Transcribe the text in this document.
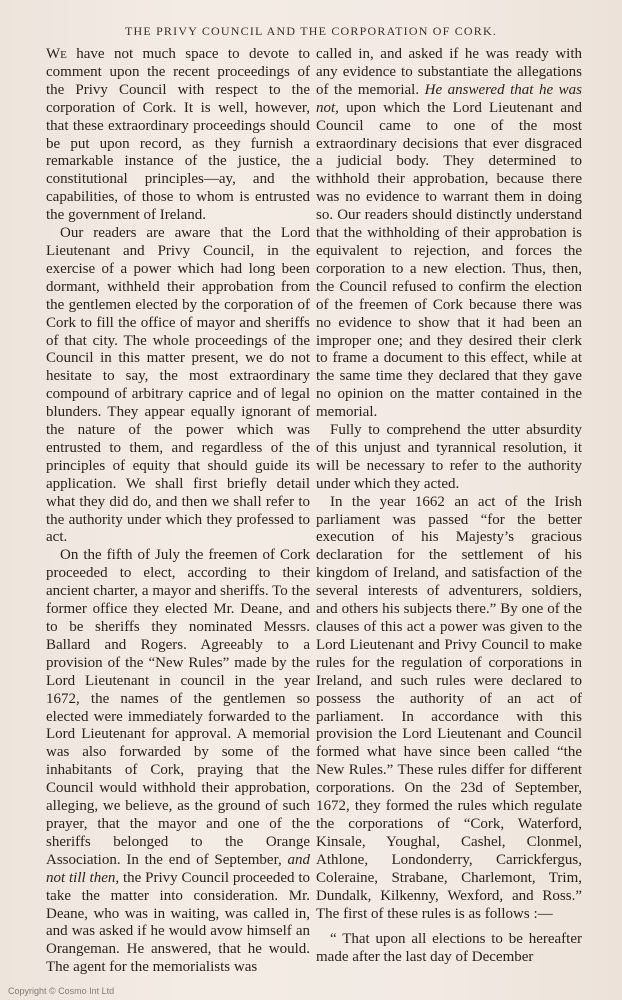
THE PRIVY COUNCIL AND THE CORPORATION OF CORK.

We have not much space to devote to comment upon the recent proceedings of the Privy Council with respect to the corporation of Cork. It is well, however, that these extraordinary proceedings should be put upon record, as they furnish a remarkable instance of the justice, the constitutional principles—ay, and the capabilities, of those to whom is entrusted the government of Ireland.

Our readers are aware that the Lord Lieutenant and Privy Council, in the exercise of a power which had long been dormant, withheld their approbation from the gentlemen elected by the corporation of Cork to fill the office of mayor and sheriffs of that city. The whole proceedings of the Council in this matter present, we do not hesitate to say, the most extraordinary compound of arbitrary caprice and of legal blunders. They appear equally ignorant of the nature of the power which was entrusted to them, and regardless of the principles of equity that should guide its application. We shall first briefly detail what they did do, and then we shall refer to the authority under which they professed to act.

On the fifth of July the freemen of Cork proceeded to elect, according to their ancient charter, a mayor and sheriffs. To the former office they elected Mr. Deane, and to be sheriffs they nominated Messrs. Ballard and Rogers. Agreeably to a provision of the “New Rules” made by the Lord Lieutenant in council in the year 1672, the names of the gentlemen so elected were immediately forwarded to the Lord Lieutenant for approval. A memorial was also forwarded by some of the inhabitants of Cork, praying that the Council would withhold their approbation, alleging, we believe, as the ground of such prayer, that the mayor and one of the sheriffs belonged to the Orange Association. In the end of September, and not till then, the Privy Council proceeded to take the matter into consideration. Mr. Deane, who was in waiting, was called in, and was asked if he would avow himself an Orangeman. He answered, that he would. The agent for the memorialists was

called in, and asked if he was ready with any evidence to substantiate the allegations of the memorial. He answered that he was not, upon which the Lord Lieutenant and Council came to one of the most extraordinary decisions that ever disgraced a judicial body. They determined to withhold their approbation, because there was no evidence to warrant them in doing so. Our readers should distinctly understand that the withholding of their approbation is equivalent to rejection, and forces the corporation to a new election. Thus, then, the Council refused to confirm the election of the freemen of Cork because there was no evidence to show that it had been an improper one; and they desired their clerk to frame a document to this effect, while at the same time they declared that they gave no opinion on the matter contained in the memorial.

Fully to comprehend the utter absurdity of this unjust and tyrannical resolution, it will be necessary to refer to the authority under which they acted.

In the year 1662 an act of the Irish parliament was passed “for the better execution of his Majesty’s gracious declaration for the settlement of his kingdom of Ireland, and satisfaction of the several interests of adventurers, soldiers, and others his subjects there.” By one of the clauses of this act a power was given to the Lord Lieutenant and Privy Council to make rules for the regulation of corporations in Ireland, and such rules were declared to possess the authority of an act of parliament. In accordance with this provision the Lord Lieutenant and Council formed what have since been called “the New Rules.” These rules differ for different corporations. On the 23d of September, 1672, they formed the rules which regulate the corporations of “Cork, Waterford, Kinsale, Youghal, Cashel, Clonmel, Athlone, Londonderry, Carrickfergus, Coleraine, Strabane, Charlemont, Trim, Dundalk, Kilkenny, Wexford, and Ross.” The first of these rules is as follows :—

“ That upon all elections to be hereafter made after the last day of December

Copyright © Cosmo Int Ltd
